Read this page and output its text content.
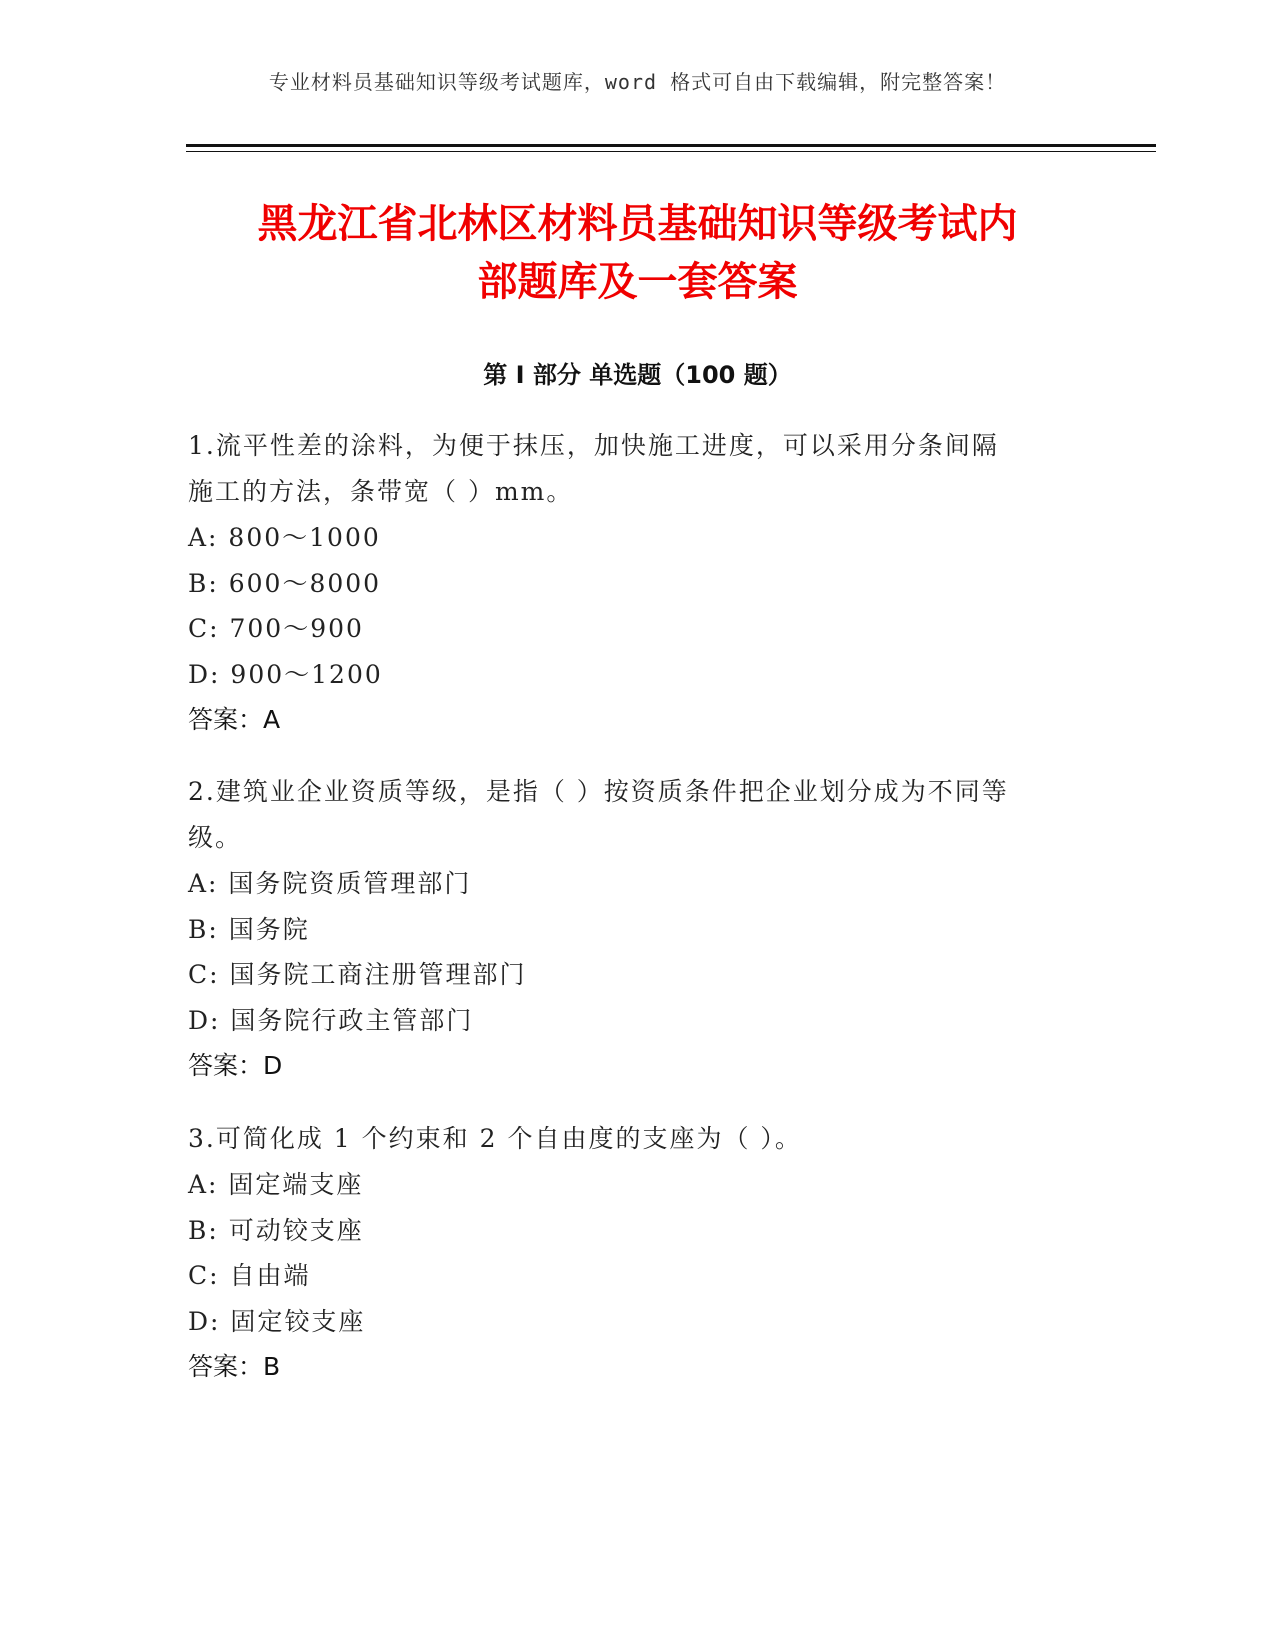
专业材料员基础知识等级考试题库，word 格式可自由下载编辑，附完整答案！
黑龙江省北林区材料员基础知识等级考试内
部题库及一套答案
第 I 部分 单选题（100 题）

1.流平性差的涂料，为便于抹压，加快施工进度，可以采用分条间隔
施工的方法，条带宽（ ）mm。

A: 800～1000

B: 600～8000

C: 700～900

D: 900～1200

答案：A

2.建筑业企业资质等级，是指（ ）按资质条件把企业划分成为不同等
级。

A: 国务院资质管理部门

B: 国务院

C: 国务院工商注册管理部门

D: 国务院行政主管部门

答案：D

3.可简化成 1 个约束和 2 个自由度的支座为（ ）。

A: 固定端支座

B: 可动铰支座

C: 自由端

D: 固定铰支座

答案：B
